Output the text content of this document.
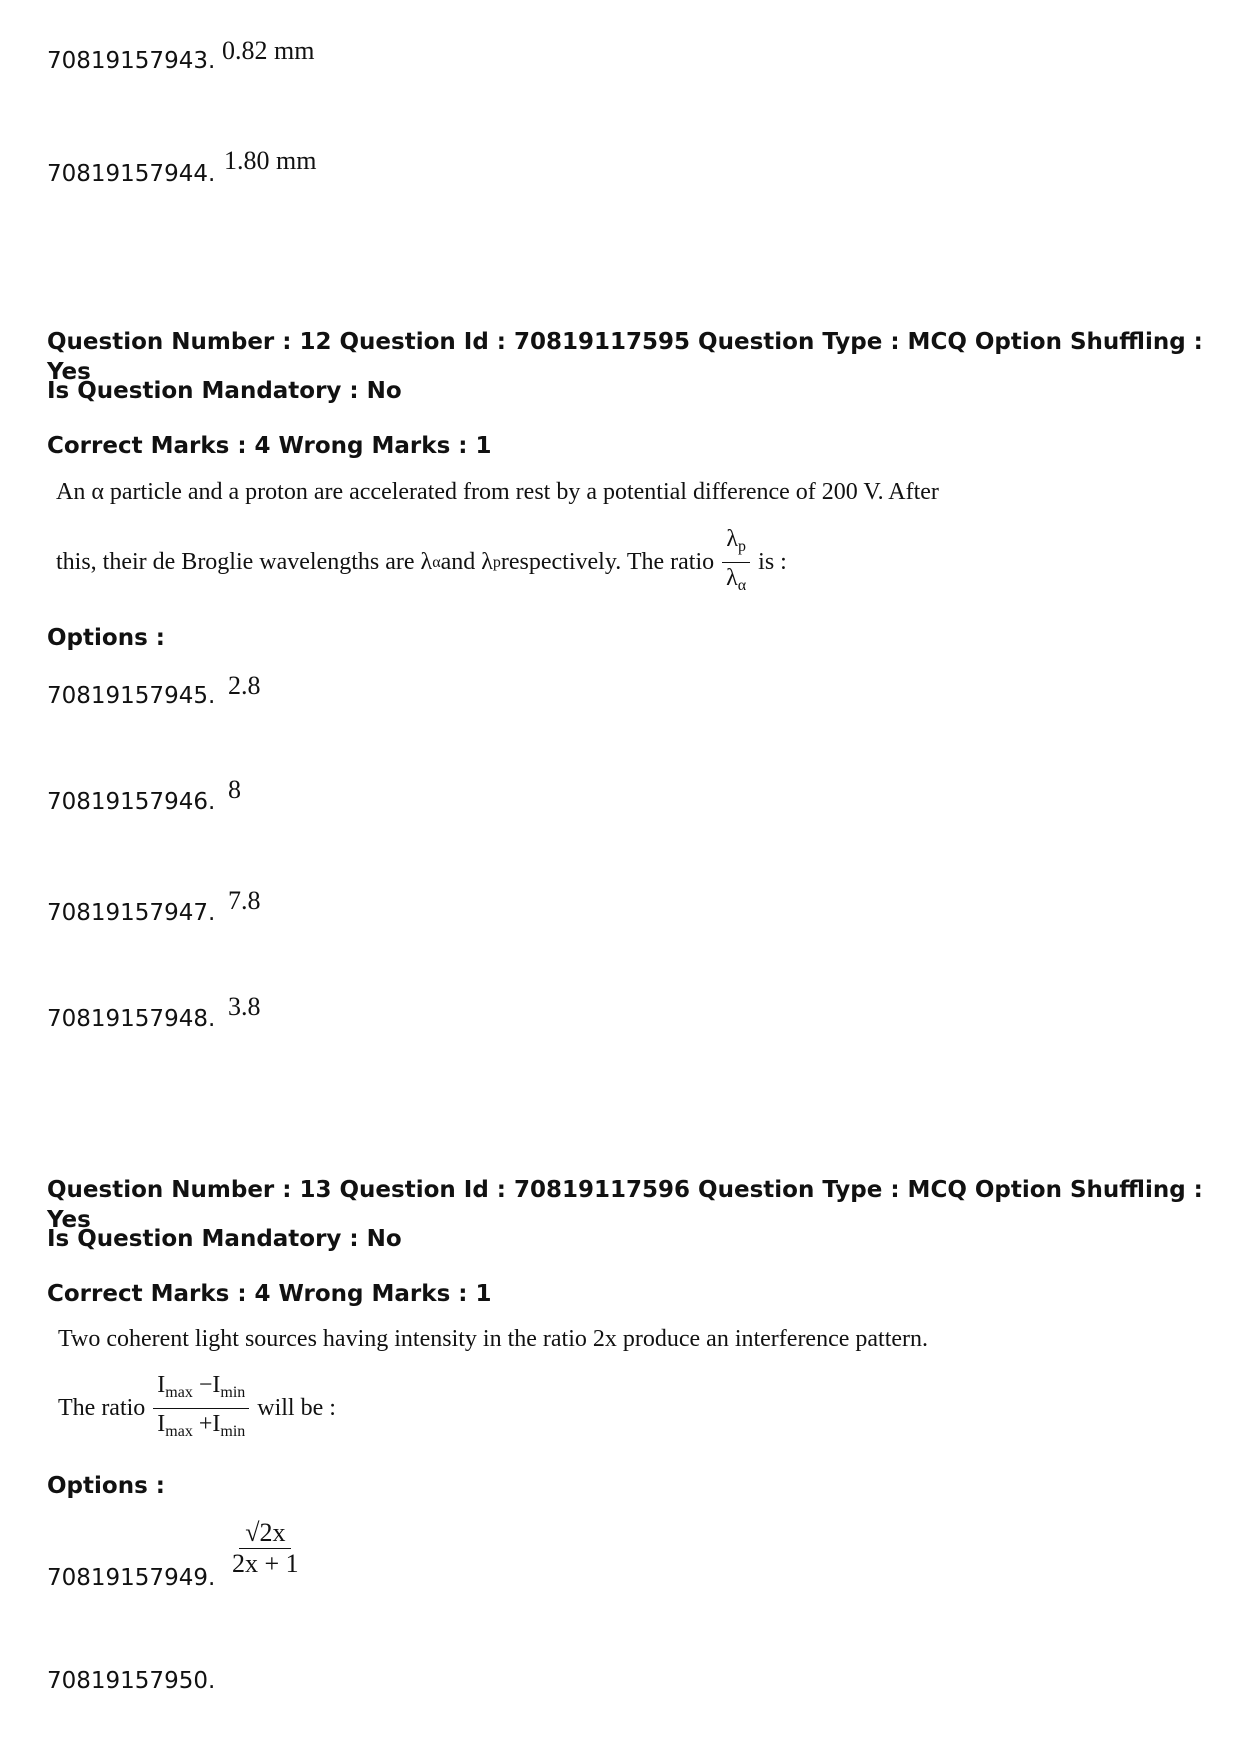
70819157943. 0.82 mm
70819157944. 1.80 mm
Question Number : 12 Question Id : 70819117595 Question Type : MCQ Option Shuffling : Yes
Is Question Mandatory : No
Correct Marks : 4 Wrong Marks : 1
An α particle and a proton are accelerated from rest by a potential difference of 200 V. After
this, their de Broglie wavelengths are λ α and λ p respectively. The ratio $\frac{\lambda_p}{\lambda_\alpha}$ is :
Options :
70819157945. 2.8
70819157946. 8
70819157947. 7.8
70819157948. 3.8
Question Number : 13 Question Id : 70819117596 Question Type : MCQ Option Shuffling : Yes
Is Question Mandatory : No
Correct Marks : 4 Wrong Marks : 1
Two coherent light sources having intensity in the ratio 2x produce an interference pattern.
The ratio $\frac{I_{max} -I_{min}}{I_{max} +I_{min}}$ will be :
Options :
70819157949. $\frac{√2x}{2x + 1}$
70819157950.
